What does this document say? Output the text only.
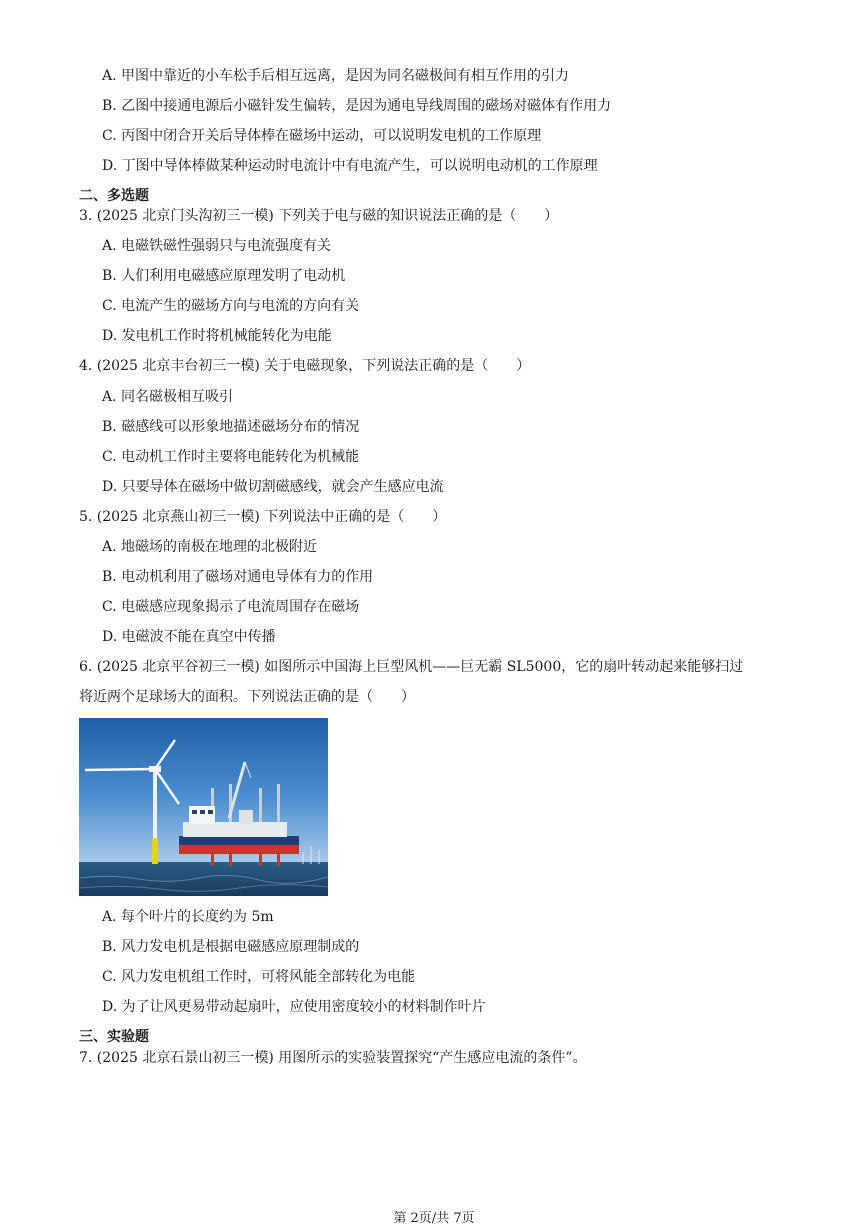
A. 甲图中靠近的小车松手后相互远离，是因为同名磁极间有相互作用的引力
B. 乙图中接通电源后小磁针发生偏转，是因为通电导线周围的磁场对磁体有作用力
C. 丙图中闭合开关后导体棒在磁场中运动，可以说明发电机的工作原理
D. 丁图中导体棒做某种运动时电流计中有电流产生，可以说明电动机的工作原理
二、多选题
3. (2025 北京门头沟初三一模) 下列关于电与磁的知识说法正确的是（　　）
A. 电磁铁磁性强弱只与电流强度有关
B. 人们利用电磁感应原理发明了电动机
C. 电流产生的磁场方向与电流的方向有关
D. 发电机工作时将机械能转化为电能
4. (2025 北京丰台初三一模) 关于电磁现象，下列说法正确的是（　　）
A. 同名磁极相互吸引
B. 磁感线可以形象地描述磁场分布的情况
C. 电动机工作时主要将电能转化为机械能
D. 只要导体在磁场中做切割磁感线，就会产生感应电流
5. (2025 北京燕山初三一模) 下列说法中正确的是（　　）
A. 地磁场的南极在地理的北极附近
B. 电动机利用了磁场对通电导体有力的作用
C. 电磁感应现象揭示了电流周围存在磁场
D. 电磁波不能在真空中传播
6. (2025 北京平谷初三一模) 如图所示中国海上巨型风机——巨无霸 SL5000，它的扇叶转动起来能够扫过
将近两个足球场大的面积。下列说法正确的是（　　）
A. 每个叶片的长度约为 5m
B. 风力发电机是根据电磁感应原理制成的
C. 风力发电机组工作时，可将风能全部转化为电能
D. 为了让风更易带动起扇叶，应使用密度较小的材料制作叶片
三、实验题
7. (2025 北京石景山初三一模) 用图所示的实验装置探究“产生感应电流的条件”。
第 2页/共 7页
